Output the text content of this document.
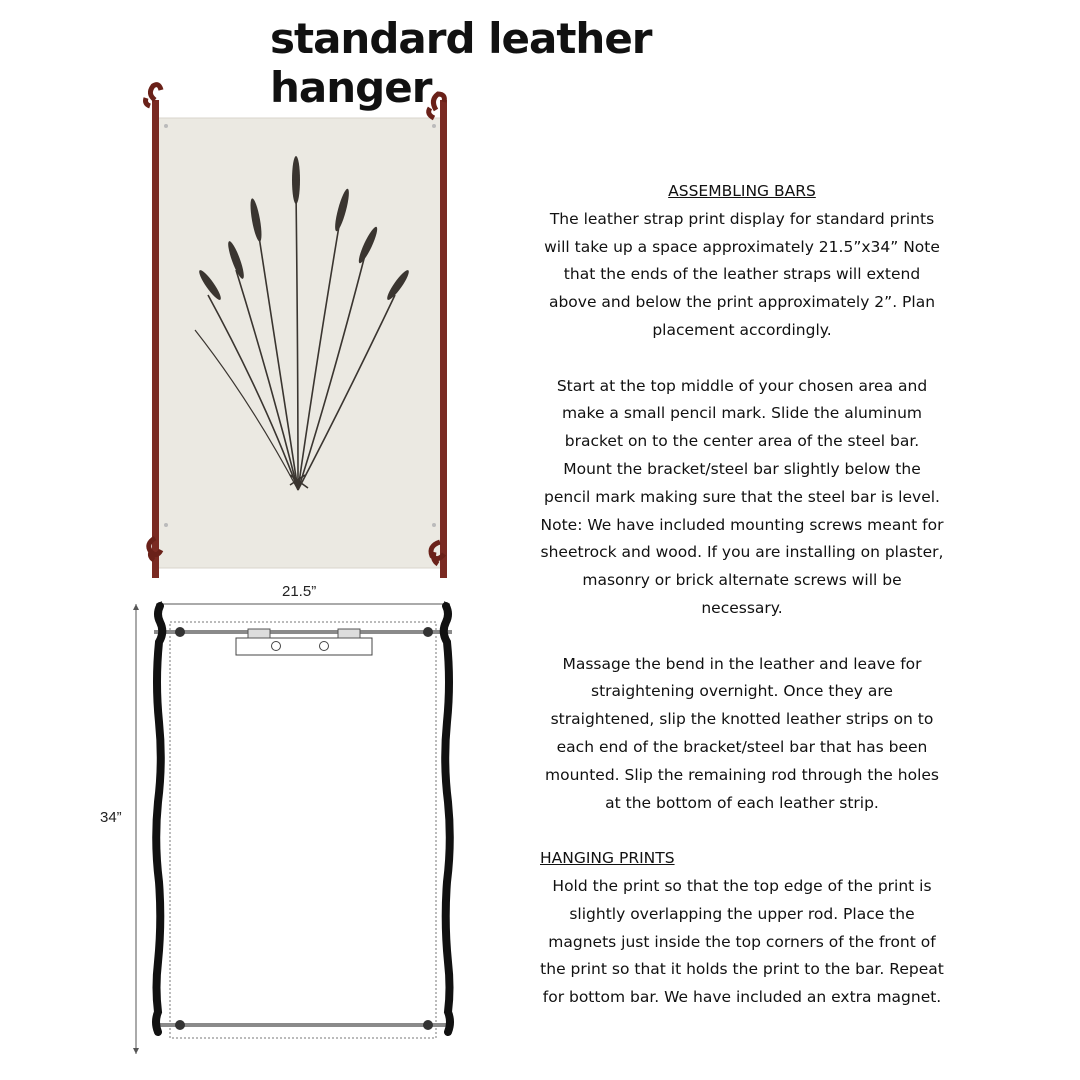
standard leather hanger
21.5”
34”
ASSEMBLING BARS
The leather strap print display for standard prints will take up a space approximately 21.5”x34” Note that the ends of the leather straps will extend above and below the print approximately 2”. Plan placement accordingly.
Start at the top middle of your chosen area and make a small pencil mark. Slide the aluminum bracket on to the center area of the steel bar. Mount the bracket/steel bar slightly below the pencil mark making sure that the steel bar is level. Note: We have included mounting screws meant for sheetrock and wood. If you are installing on plaster, masonry or brick alternate screws will be necessary.
Massage the bend in the leather and leave for straightening overnight. Once they are straightened, slip the knotted leather strips on to each end of the bracket/steel bar that has been mounted. Slip the remaining rod through the holes at the bottom of each leather strip.
HANGING PRINTS
Hold the print so that the top edge of the print is slightly overlapping the upper rod. Place the magnets just inside the top corners of the front of the print so that it holds the print to the bar. Repeat for bottom bar. We have included an extra magnet.
